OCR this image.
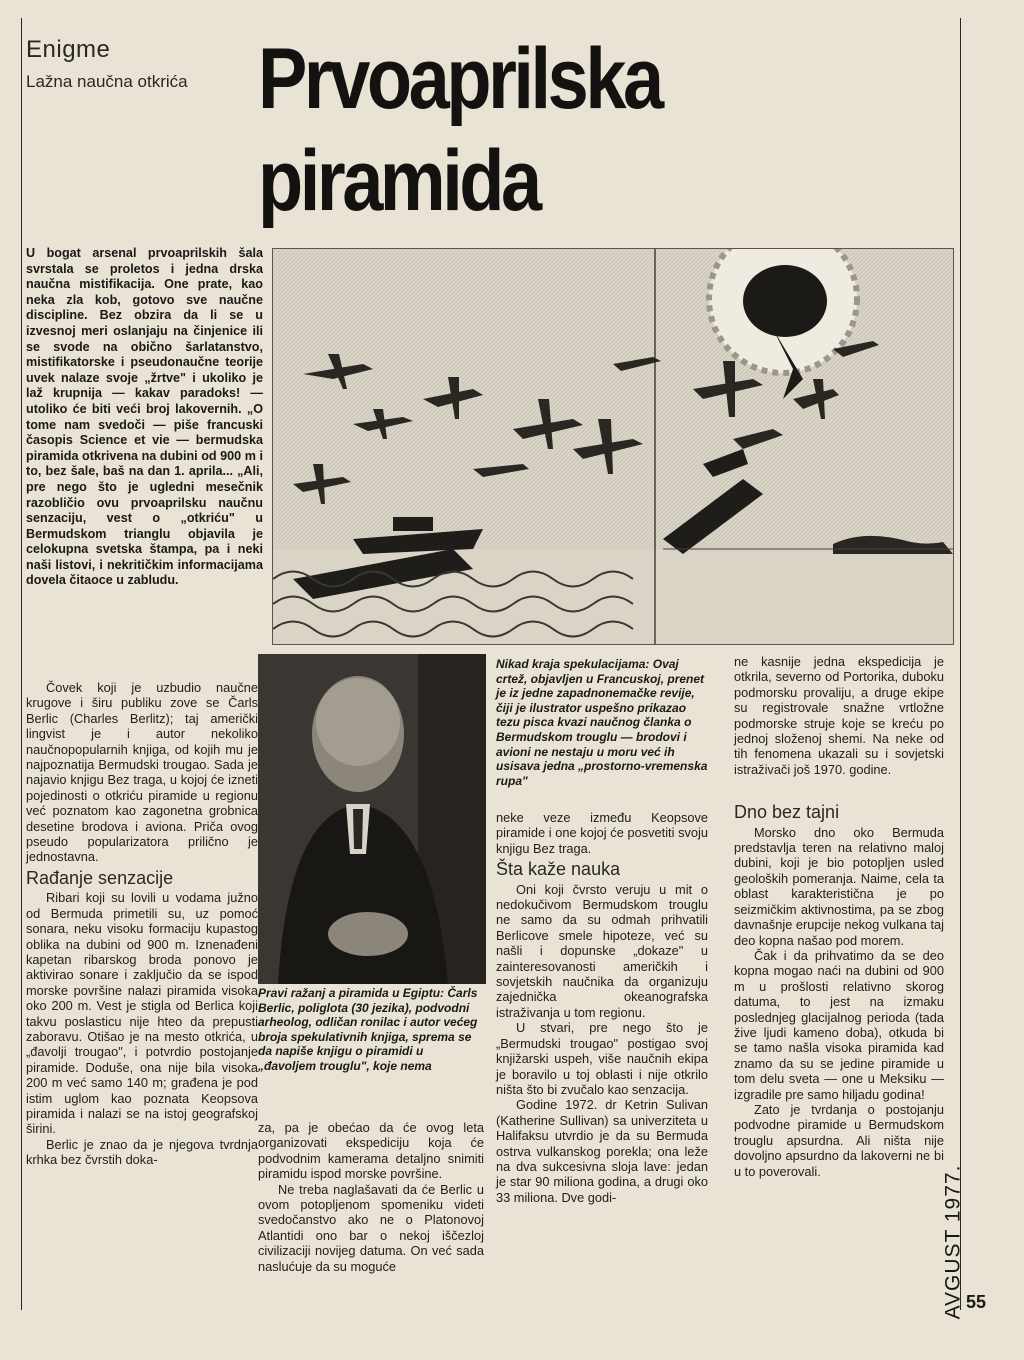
Enigme
Lažna naučna otkrića Prvoaprilska
piramida
U bogat arsenal prvoaprilskih šala svrstala se proletos i jedna drska naučna mistifikacija. One prate, kao neka zla kob, gotovo sve naučne discipline. Bez obzira da li se u izvesnoj meri oslanjaju na činjenice ili se svode na obično šarlatanstvo, mistifikatorske i pseudonaučne teorije uvek nalaze svoje „žrtve" i ukoliko je laž krupnija — kakav paradoks! — utoliko će biti veći broj lakovernih. „O tome nam svedoči — piše francuski časopis Science et vie — bermudska piramida otkrivena na dubini od 900 m i to, bez šale, baš na dan 1. aprila... „Ali, pre nego što je ugledni mesečnik razobličio ovu prvoaprilsku naučnu senzaciju, vest o „otkriću" u Bermudskom trianglu objavila je celokupna svetska štampa, pa i neki naši listovi, i nekritičkim informacijama dovela čitaoce u zabludu.
Pravi ražanj a piramida u Egiptu: Čarls Berlic, poliglota (30 jezika), podvodni arheolog, odličan ronilac i autor većeg broja spekulativnih knjiga, sprema se da napiše knjigu o piramidi u „đavoljem trouglu", koje nema
Nikad kraja spekulacijama: Ovaj crtež, objavljen u Francuskoj, prenet je iz jedne zapadnonemačke revije, čiji je ilustrator uspešno prikazao tezu pisca kvazi naučnog članka o Bermudskom trouglu — brodovi i avioni ne nestaju u moru već ih usisava jedna „prostorno-vremenska rupa"

Čovek koji je uzbudio naučne krugove i širu publiku zove se Čarls Berlic (Charles Berlitz); taj američki lingvist je i autor nekoliko naučnopopularnih knjiga, od kojih mu je najpoznatija Bermudski trougao. Sada je najavio knjigu Bez traga, u kojoj će izneti pojedinosti o otkriću piramide u regionu već poznatom kao zagonetna grobnica desetine brodova i aviona. Priča ovog pseudo popularizatora prilično je jednostavna.

Rađanje senzacije

Ribari koji su lovili u vodama južno od Bermuda primetili su, uz pomoć sonara, neku visoku formaciju kupastog oblika na dubini od 900 m. Iznenađeni kapetan ribarskog broda ponovo je aktivirao sonare i zaključio da se ispod morske površine nalazi piramida visoka oko 200 m. Vest je stigla od Berlica koji takvu poslasticu nije hteo da prepusti zaboravu. Otišao je na mesto otkrića, u „đavolji trougao", i potvrdio postojanje piramide. Doduše, ona nije bila visoka 200 m već samo 140 m; građena je pod istim uglom kao poznata Keopsova piramida i nalazi se na istoj geografskoj širini.

Berlic je znao da je njegova tvrdnja krhka bez čvrstih doka-

za, pa je obećao da će ovog leta organizovati ekspediciju koja će podvodnim kamerama detaljno snimiti piramidu ispod morske površine.

Ne treba naglašavati da će Berlic u ovom potopljenom spomeniku videti svedočanstvo ako ne o Platonovoj Atlantidi ono bar o nekoj iščezloj civilizaciji novijeg datuma. On već sada naslućuje da su moguće

neke veze između Keopsove piramide i one kojoj će posvetiti svoju knjigu Bez traga.

Šta kaže nauka

Oni koji čvrsto veruju u mit o nedokučivom Bermudskom trouglu ne samo da su odmah prihvatili Berlicove smele hipoteze, već su našli i dopunske „dokaze" u zainteresovanosti američkih i sovjetskih naučnika da organizuju zajednička okeanografska istraživanja u tom regionu.

U stvari, pre nego što je „Bermudski trougao" postigao svoj knjižarski uspeh, više naučnih ekipa je boravilo u toj oblasti i nije otkrilo ništa što bi zvučalo kao senzacija.

Godine 1972. dr Ketrin Sulivan (Katherine Sullivan) sa univerziteta u Halifaksu utvrdio je da su Bermuda ostrva vulkanskog porekla; ona leže na dva sukcesivna sloja lave: jedan je star 90 miliona godina, a drugi oko 33 miliona. Dve godi-

ne kasnije jedna ekspedicija je otkrila, severno od Portorika, duboku podmorsku provaliju, a druge ekipe su registrovale snažne vrtložne podmorske struje koje se kreću po jednoj složenoj shemi. Na neke od tih fenomena ukazali su i sovjetski istraživači još 1970. godine.

Dno bez tajni

Morsko dno oko Bermuda predstavlja teren na relativno maloj dubini, koji je bio potopljen usled geoloških pomeranja. Naime, cela ta oblast karakteristična je po seizmičkim aktivnostima, pa se zbog davnašnje erupcije nekog vulkana taj deo kopna našao pod morem.

Čak i da prihvatimo da se deo kopna mogao naći na dubini od 900 m u prošlosti relativno skorog datuma, to jest na izmaku poslednjeg glacijalnog perioda (tada žive ljudi kameno doba), otkuda bi se tamo našla visoka piramida kad znamo da su se jedine piramide u tom delu sveta — one u Meksiku — izgradile pre samo hiljadu godina!

Zato je tvrdanja o postojanju podvodne piramide u Bermudskom trouglu apsurdna. Ali ništa nije dovoljno apsurdno da lakoverni ne bi u to poverovali.	AVGUST 1977. 55
